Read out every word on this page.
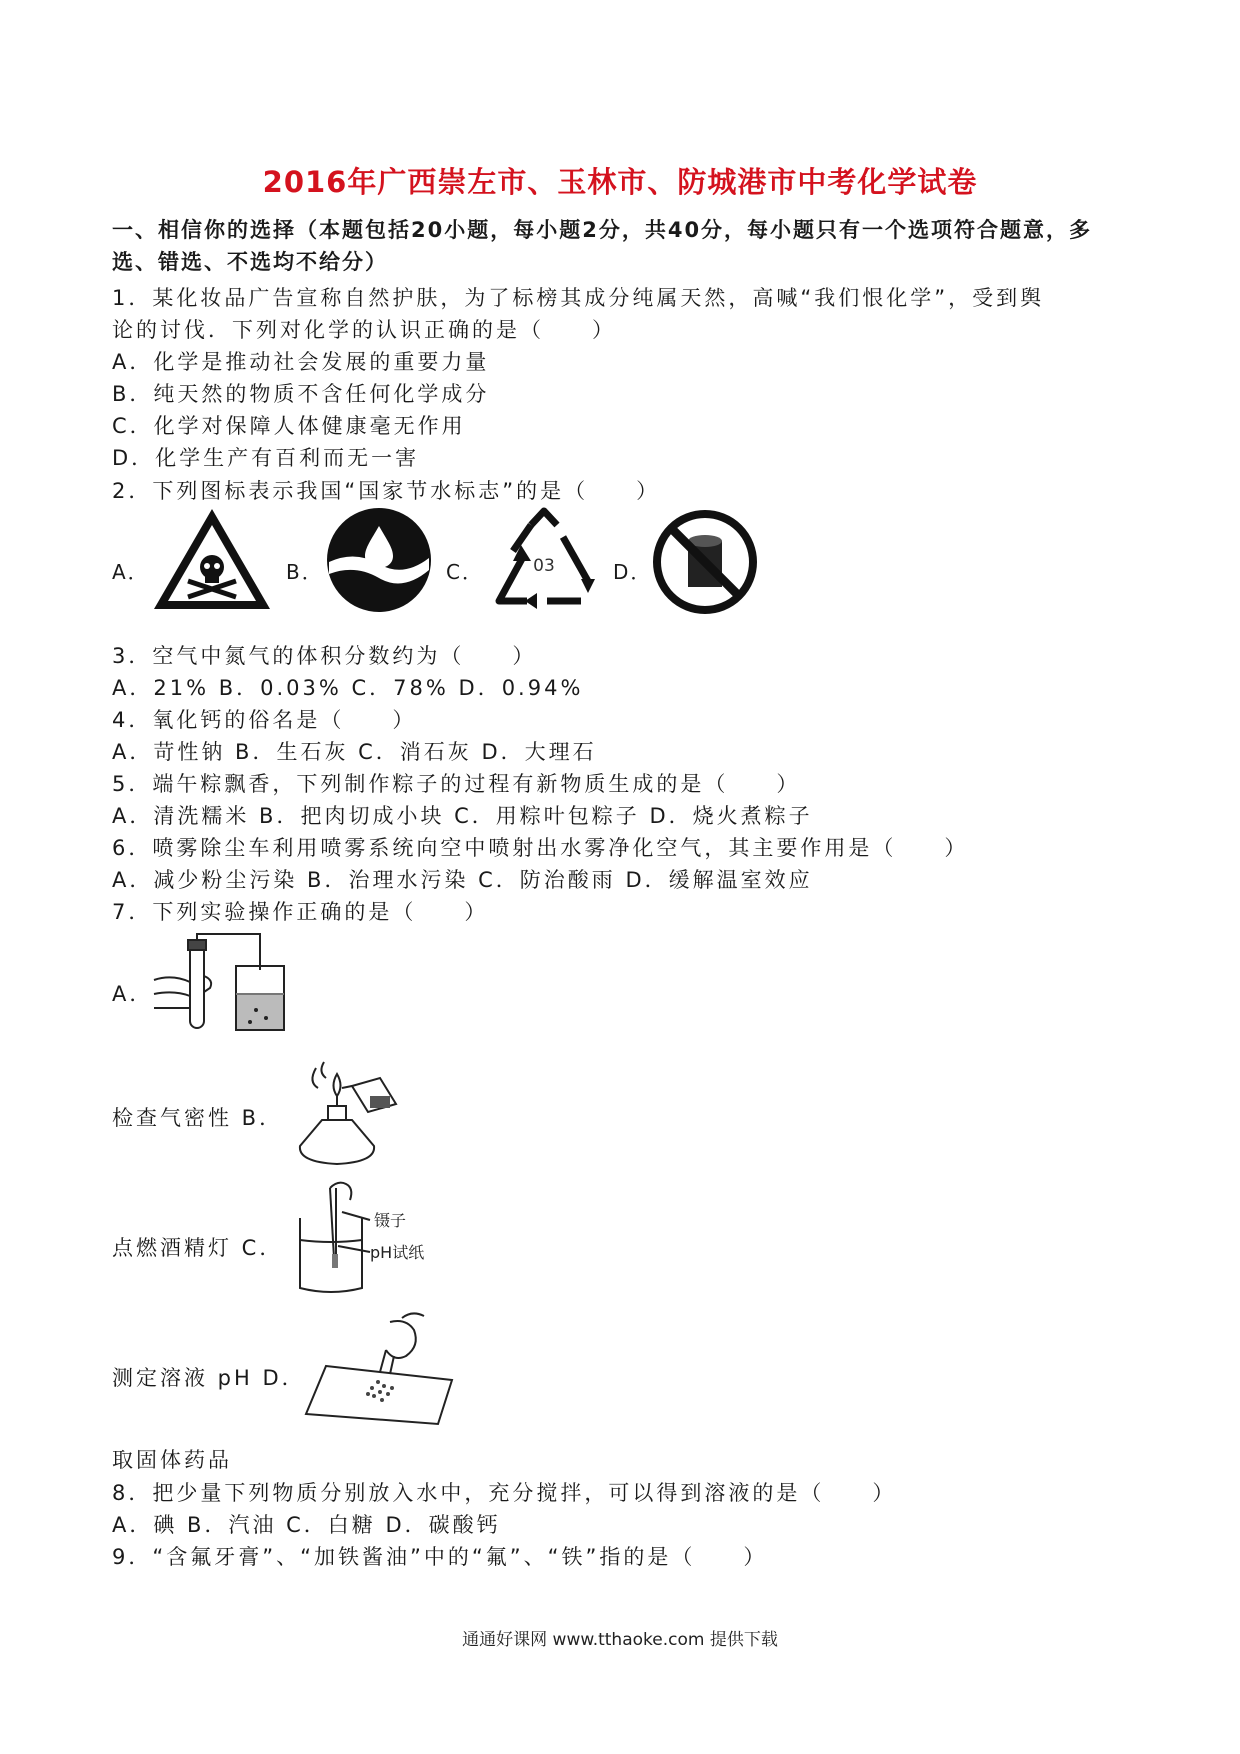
2016年广西崇左市、玉林市、防城港市中考化学试卷
一、相信你的选择（本题包括20小题，每小题2分，共40分，每小题只有一个选项符合题意，多选、错选、不选均不给分）
1．某化妆品广告宣称自然护肤，为了标榜其成分纯属天然，高喊“我们恨化学”，受到舆
论的讨伐．下列对化学的认识正确的是（　　）
A．化学是推动社会发展的重要力量
B．纯天然的物质不含任何化学成分
C．化学对保障人体健康毫无作用
D．化学生产有百利而无一害
2．下列图标表示我国“国家节水标志”的是（　　）
A．	B．	C．	03	D．
3．空气中氮气的体积分数约为（　　）
A．21% B．0.03% C．78% D．0.94%
4．氧化钙的俗名是（　　）
A．苛性钠 B．生石灰 C．消石灰 D．大理石
5．端午粽飘香，下列制作粽子的过程有新物质生成的是（　　）
A．清洗糯米 B．把肉切成小块 C．用粽叶包粽子 D．烧火煮粽子
6．喷雾除尘车利用喷雾系统向空中喷射出水雾净化空气，其主要作用是（　　）
A．减少粉尘污染 B．治理水污染 C．防治酸雨 D．缓解温室效应
7．下列实验操作正确的是（　　）
A．
检查气密性 B．
点燃酒精灯 C．
镊子
pH试纸
测定溶液 pH D．
取固体药品
8．把少量下列物质分别放入水中，充分搅拌，可以得到溶液的是（　　）
A．碘 B．汽油 C．白糖 D．碳酸钙
9．“含氟牙膏”、“加铁酱油”中的“氟”、“铁”指的是（　　）
通通好课网 www.tthaoke.com 提供下载
